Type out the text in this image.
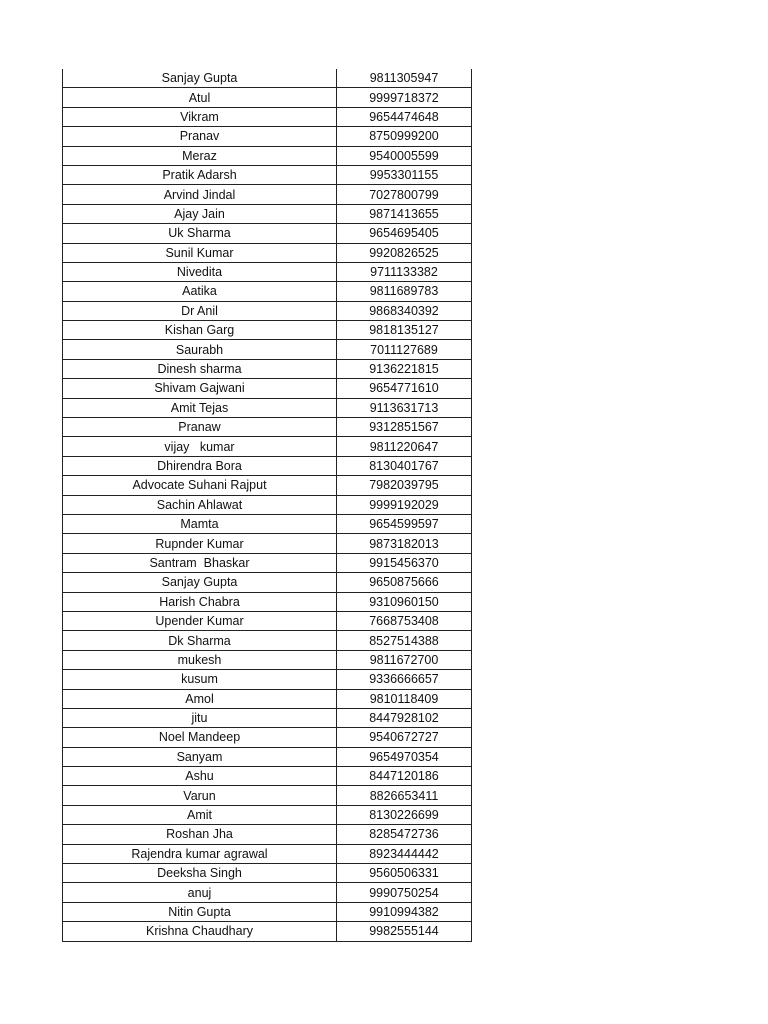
Sanjay Gupta	9811305947
Atul	9999718372
Vikram	9654474648
Pranav	8750999200
Meraz	9540005599
Pratik Adarsh	9953301155
Arvind Jindal	7027800799
Ajay Jain	9871413655
Uk Sharma	9654695405
Sunil Kumar	9920826525
Nivedita	9711133382
Aatika	9811689783
Dr Anil	9868340392
Kishan Garg	9818135127
Saurabh	7011127689
Dinesh sharma	9136221815
Shivam Gajwani	9654771610
Amit Tejas	9113631713
Pranaw	9312851567
vijay   kumar	9811220647
Dhirendra Bora	8130401767
Advocate Suhani Rajput	7982039795
Sachin Ahlawat	9999192029
Mamta	9654599597
Rupnder Kumar	9873182013
Santram  Bhaskar	9915456370
Sanjay Gupta	9650875666
Harish Chabra	9310960150
Upender Kumar	7668753408
Dk Sharma	8527514388
mukesh	9811672700
kusum	9336666657
Amol	9810118409
jitu	8447928102
Noel Mandeep	9540672727
Sanyam	9654970354
Ashu	8447120186
Varun	8826653411
Amit	8130226699
Roshan Jha	8285472736
Rajendra kumar agrawal	8923444442
Deeksha Singh	9560506331
anuj	9990750254
Nitin Gupta	9910994382
Krishna Chaudhary	9982555144
